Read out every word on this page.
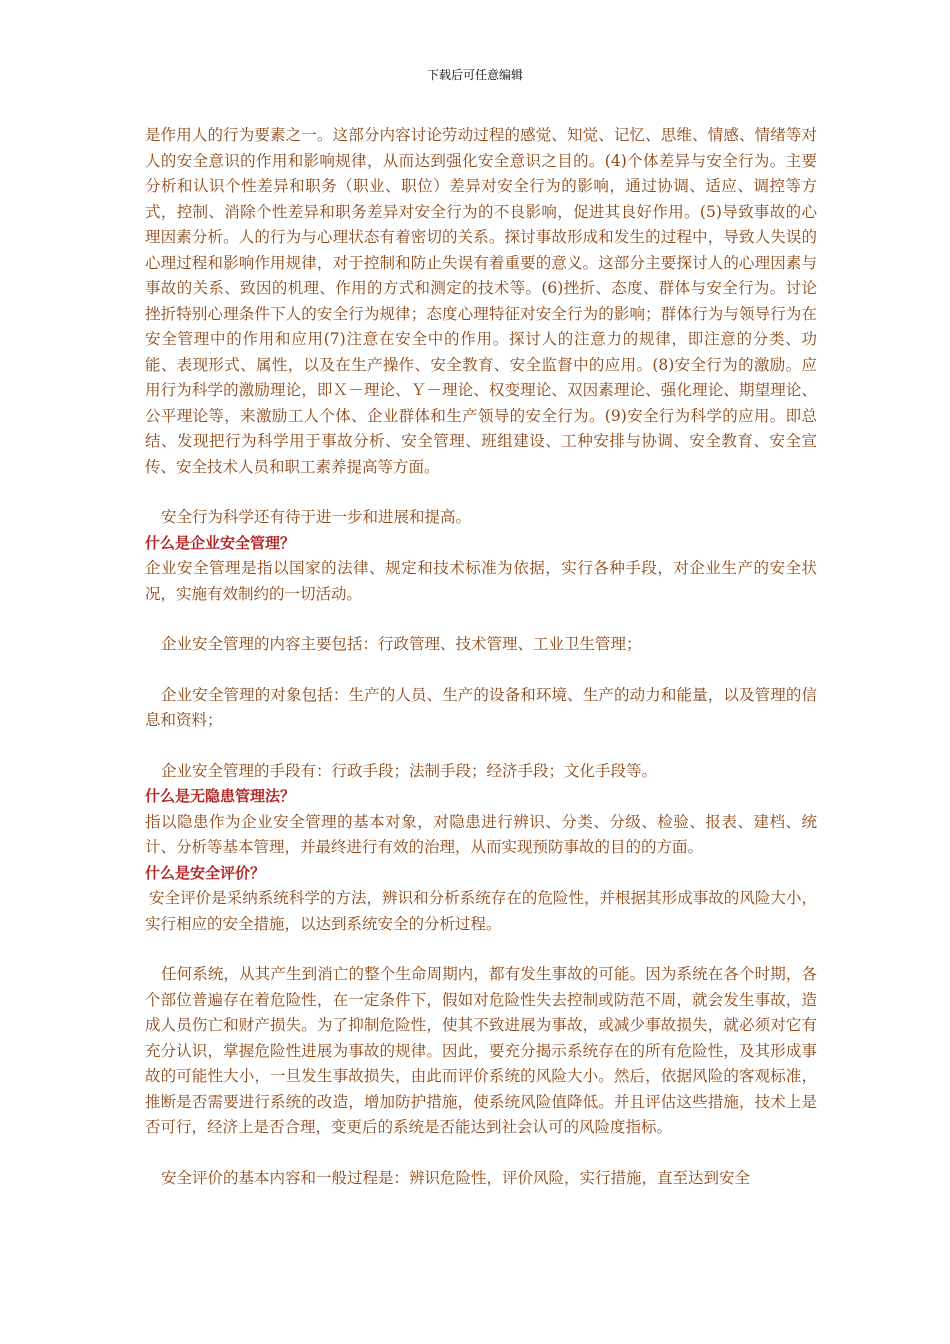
下载后可任意编辑

是作用人的行为要素之一。这部分内容讨论劳动过程的感觉、知觉、记忆、思维、情感、情绪等对人的安全意识的作用和影响规律，从而达到强化安全意识之目的。(4)个体差异与安全行为。主要分析和认识个性差异和职务（职业、职位）差异对安全行为的影响，通过协调、适应、调控等方式，控制、消除个性差异和职务差异对安全行为的不良影响，促进其良好作用。(5)导致事故的心理因素分析。人的行为与心理状态有着密切的关系。探讨事故形成和发生的过程中，导致人失误的心理过程和影响作用规律，对于控制和防止失误有着重要的意义。这部分主要探讨人的心理因素与事故的关系、致因的机理、作用的方式和测定的技术等。(6)挫折、态度、群体与安全行为。讨论挫折特别心理条件下人的安全行为规律；态度心理特征对安全行为的影响；群体行为与领导行为在安全管理中的作用和应用(7)注意在安全中的作用。探讨人的注意力的规律，即注意的分类、功能、表现形式、属性，以及在生产操作、安全教育、安全监督中的应用。(8)安全行为的激励。应用行为科学的激励理论，即Ｘ－理论、Ｙ－理论、权变理论、双因素理论、强化理论、期望理论、公平理论等，来激励工人个体、企业群体和生产领导的安全行为。(9)安全行为科学的应用。即总结、发现把行为科学用于事故分析、安全管理、班组建设、工种安排与协调、安全教育、安全宣传、安全技术人员和职工素养提高等方面。

安全行为科学还有待于进一步和进展和提高。

什么是企业安全管理？

企业安全管理是指以国家的法律、规定和技术标准为依据，实行各种手段，对企业生产的安全状况，实施有效制约的一切活动。

企业安全管理的内容主要包括：行政管理、技术管理、工业卫生管理；

企业安全管理的对象包括：生产的人员、生产的设备和环境、生产的动力和能量，以及管理的信息和资料；

企业安全管理的手段有：行政手段；法制手段；经济手段；文化手段等。

什么是无隐患管理法？

指以隐患作为企业安全管理的基本对象，对隐患进行辨识、分类、分级、检验、报表、建档、统计、分析等基本管理，并最终进行有效的治理，从而实现预防事故的目的的方面。

什么是安全评价？

安全评价是采纳系统科学的方法，辨识和分析系统存在的危险性，并根据其形成事故的风险大小，实行相应的安全措施，以达到系统安全的分析过程。

任何系统，从其产生到消亡的整个生命周期内，都有发生事故的可能。因为系统在各个时期，各个部位普遍存在着危险性，在一定条件下，假如对危险性失去控制或防范不周，就会发生事故，造成人员伤亡和财产损失。为了抑制危险性，使其不致进展为事故，或减少事故损失，就必须对它有充分认识，掌握危险性进展为事故的规律。因此，要充分揭示系统存在的所有危险性，及其形成事故的可能性大小，一旦发生事故损失，由此而评价系统的风险大小。然后，依据风险的客观标准，推断是否需要进行系统的改造，增加防护措施，使系统风险值降低。并且评估这些措施，技术上是否可行，经济上是否合理，变更后的系统是否能达到社会认可的风险度指标。

安全评价的基本内容和一般过程是：辨识危险性，评价风险，实行措施，直至达到安全
